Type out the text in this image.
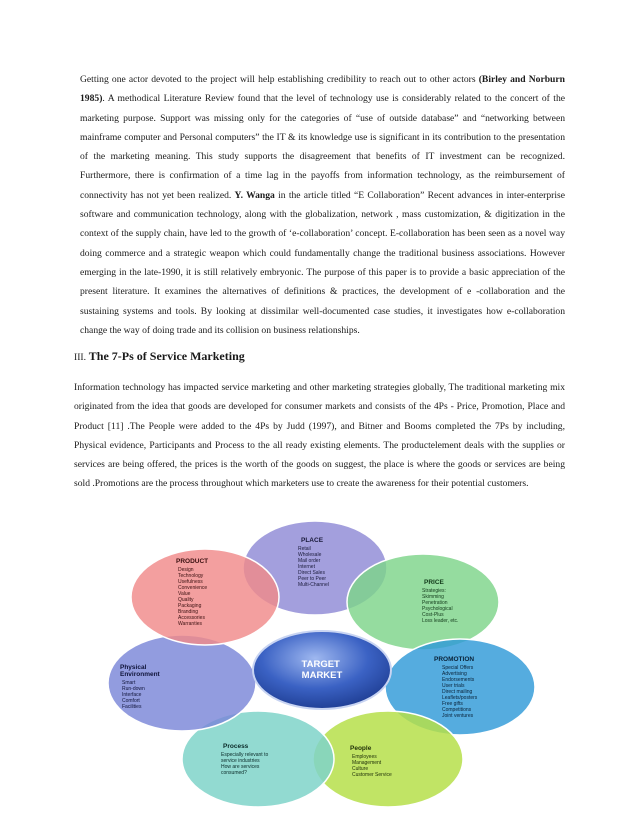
Getting one actor devoted to the project will help establishing credibility to reach out to other actors (Birley and Norburn 1985). A methodical Literature Review found that the level of technology use is considerably related to the concert of the marketing purpose. Support was missing only for the categories of “use of outside database” and “networking between mainframe computer and Personal computers” the IT & its knowledge use is significant in its contribution to the presentation of the marketing meaning. This study supports the disagreement that benefits of IT investment can be recognized. Furthermore, there is confirmation of a time lag in the payoffs from information technology, as the reimbursement of connectivity has not yet been realized. Y. Wanga in the article titled “E Collaboration” Recent advances in inter-enterprise software and communication technology, along with the globalization, network , mass customization, & digitization in the context of the supply chain, have led to the growth of ‘e-collaboration’ concept. E-collaboration has been seen as a novel way doing commerce and a strategic weapon which could fundamentally change the traditional business associations. However emerging in the late-1990, it is still relatively embryonic. The purpose of this paper is to provide a basic appreciation of the present literature. It examines the alternatives of definitions & practices, the development of e -collaboration and the sustaining systems and tools. By looking at dissimilar well-documented case studies, it investigates how e-collaboration change the way of doing trade and its collision on business relationships.

III. The 7-Ps of Service Marketing

Information technology has impacted service marketing and other marketing strategies globally, The traditional marketing mix originated from the idea that goods are developed for consumer markets and consists of the 4Ps - Price, Promotion, Place and Product [11] .The People were added to the 4Ps by Judd (1997), and Bitner and Booms completed the 7Ps by including, Physical evidence, Participants and Process to the all ready existing elements. The productelement deals with the supplies or services are being offered, the prices is the worth of the goods on suggest, the place is where the goods or services are being sold .Promotions are the process throughout which marketers use to create the awareness for their potential customers.

TARGET MARKET
PLACE
Retail
Wholesale
Mail order
Internet
Direct Sales
Peer to Peer
Multi-Channel	PRICE
Strategies:
Skimming
Penetration
Psychological
Cost-Plus
Loss leader, etc.
PROMOTION
Special Offers
Advertising
Endorsements
User trials
Direct mailing
Leaflets/posters
Free gifts
Competitions
Joint ventures
People
Employees
Management
Culture
Customer Service
Process
Especially relevant to
service industries
How are services
consumed?
Physical Environment
Smart
Run-down
Interface
Comfort
Facilities
PRODUCT
Design
Technology
Usefulness
Convenience
Value
Quality
Packaging
Branding
Accessories
Warranties
